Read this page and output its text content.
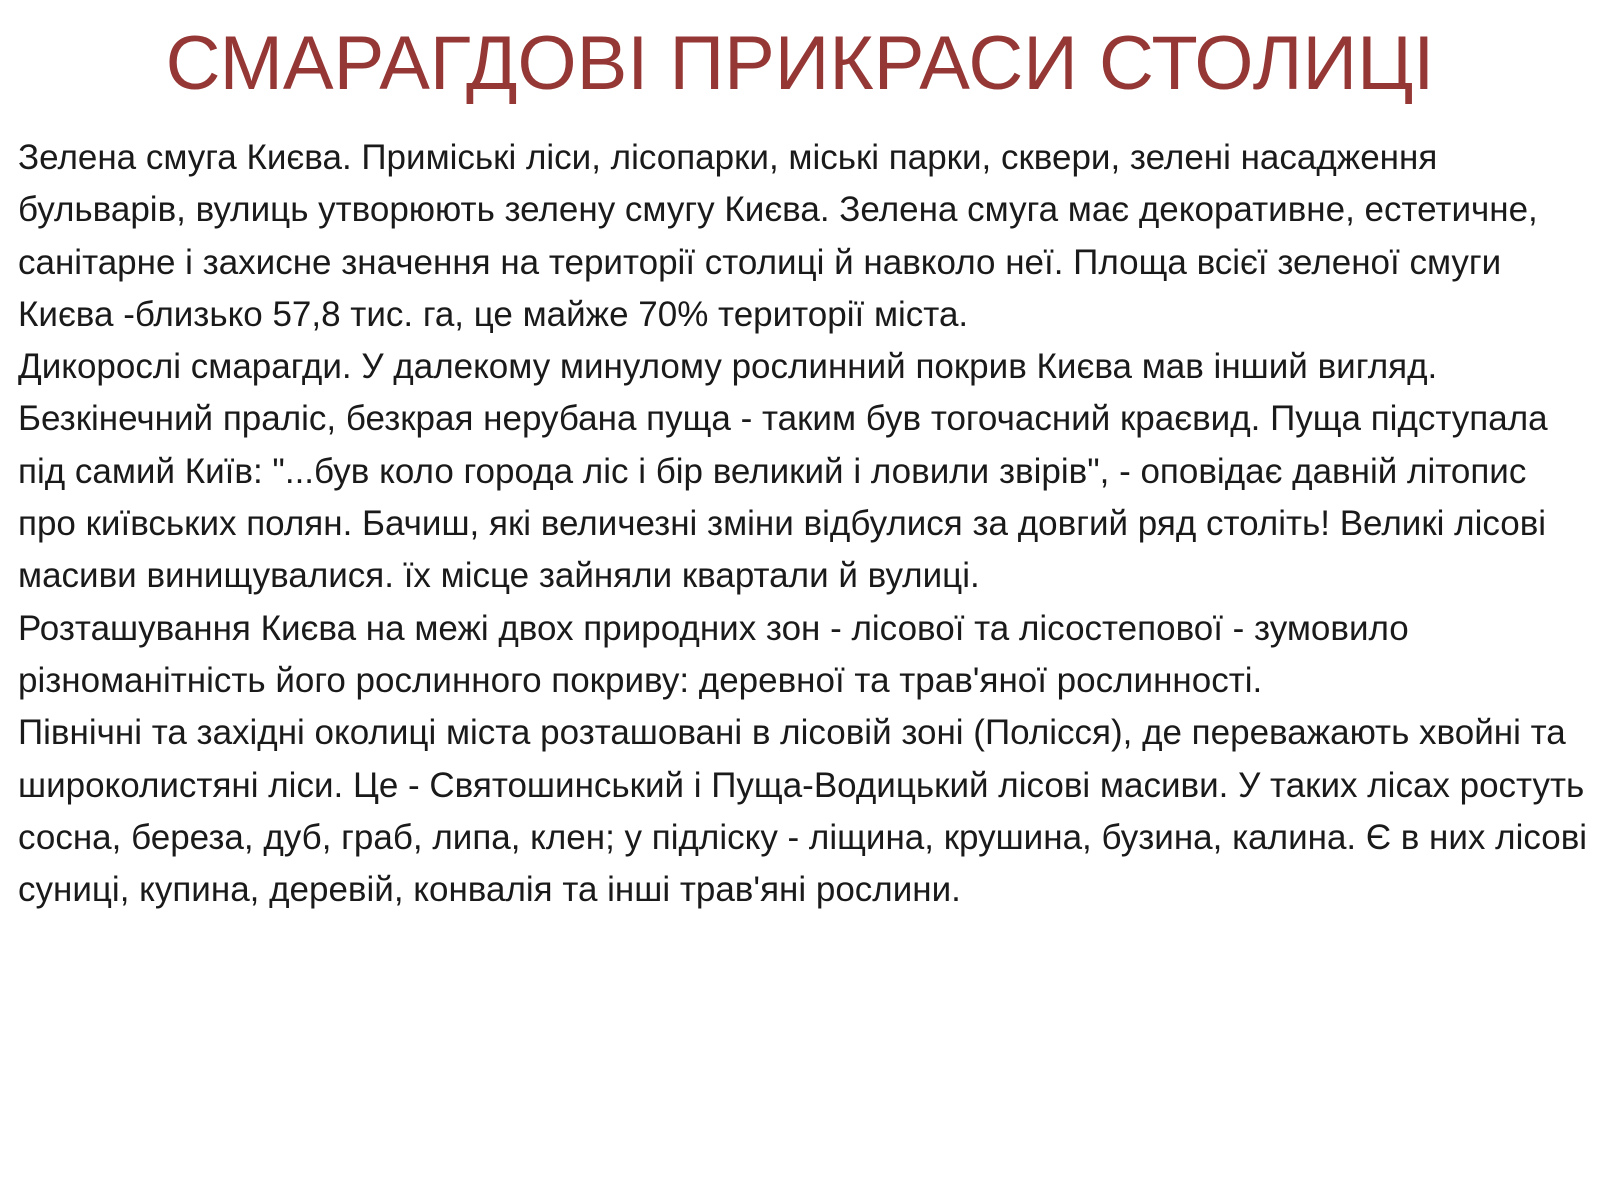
СМАРАГДОВІ ПРИКРАСИ СТОЛИЦІ

Зелена смуга Києва. Приміські ліси, лісопарки, міські парки, сквери, зелені насадження бульварів, вулиць утворюють зелену смугу Києва. Зелена смуга має декоративне, естетичне, санітарне і захисне значення на території столиці й навколо неї. Площа всієї зеленої смуги Києва -близько 57,8 тис. га, це майже 70% території міста.

Дикорослі смарагди. У далекому минулому рослинний покрив Києва мав інший вигляд. Безкінечний праліс, безкрая нерубана пуща - таким був тогочасний краєвид. Пуща підступала під самий Київ: "...був коло города ліс і бір великий і ловили звірів", - оповідає давній літопис про київських полян. Бачиш, які величезні зміни відбулися за довгий ряд століть! Великі лісові масиви винищувалися. їх місце зайняли квартали й вулиці.

Розташування Києва на межі двох природних зон - лісової та лісостепової - зумовило різноманітність його рослинного покриву: деревної та трав'яної рослинності.

Північні та західні околиці міста розташовані в лісовій зоні (Полісся), де переважають хвойні та широколистяні ліси. Це - Святошинський і Пуща-Водицький лісові масиви. У таких лісах ростуть сосна, береза, дуб, граб, липа, клен; у підліску - ліщина, крушина, бузина, калина. Є в них лісові суниці, купина, деревій, конвалія та інші трав'яні рослини.
